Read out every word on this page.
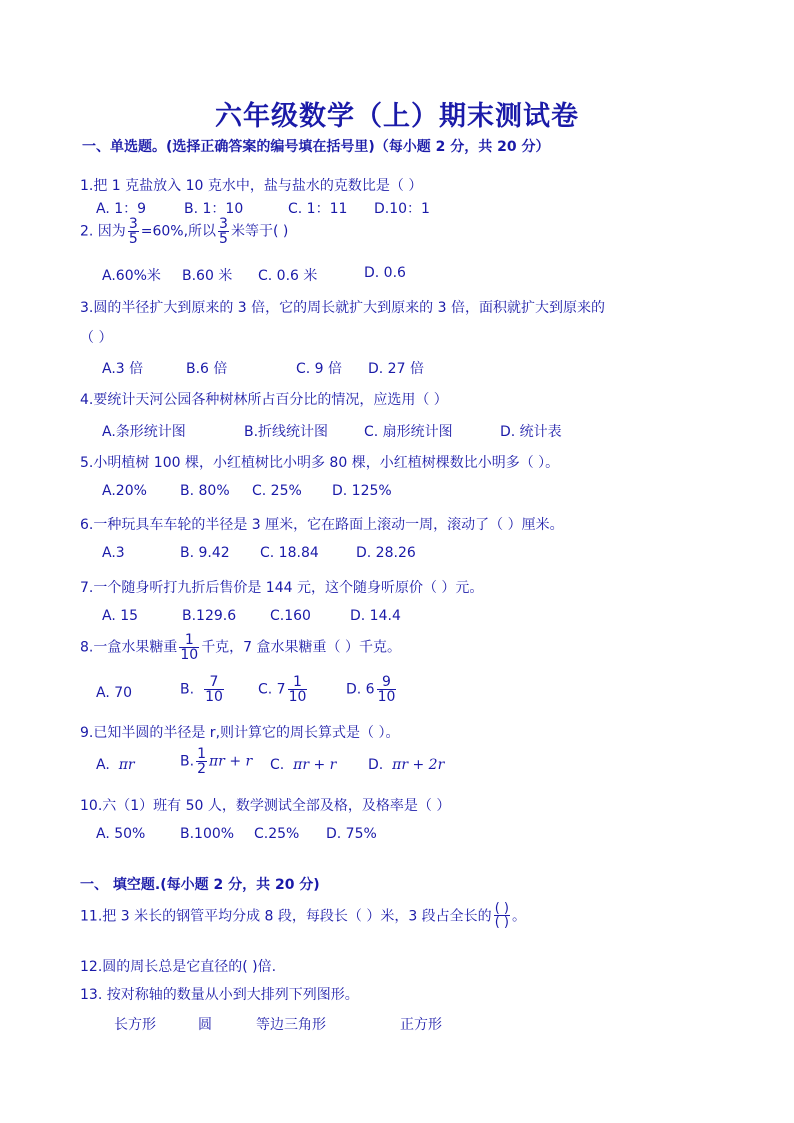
六年级数学（上）期末测试卷
一、单选题。(选择正确答案的编号填在括号里)（每小题 2 分，共 20 分）
1.把 1 克盐放入 10 克水中，盐与盐水的克数比是（ ）
A. 1：9	B. 1：10	C. 1：11 D.10：1
2. 因为 $\frac{3}{5} =60\%$,所以 $\frac{3}{5}$ 米等于( )
A.60%米 B.60 米 C. 0.6 米	D. 0.6
3.圆的半径扩大到原来的 3 倍，它的周长就扩大到原来的 3 倍，面积就扩大到原来的
（ ）
A.3 倍	B.6 倍	C. 9 倍 D. 27 倍
4.要统计天河公园各种树林所占百分比的情况，应选用（ ）
A.条形统计图	B.折线统计图	C. 扇形统计图	D. 统计表
5.小明植树 100 棵，小红植树比小明多 80 棵，小红植树棵数比小明多（ ）。
A.20% B. 80% C. 25% D. 125%
6.一种玩具车车轮的半径是 3 厘米，它在路面上滚动一周，滚动了（ ）厘米。
A.3	B. 9.42 C. 18.84	D. 28.26
7.一个随身听打九折后售价是 144 元，这个随身听原价（ ）元。
A. 15	B.129.6 C.160	D. 14.4
8.一盒水果糖重 $\frac{1}{10}$ 千克，7 盒水果糖重（ ）千克。
A. 70	B. $\frac{7}{10} C$. $7 \frac{1}{10}$	D. $6 \frac{9}{10}$
9.已知半圆的半径是 r,则计算它的周长算式是（ ）。
A. πr	B. $\frac{1}{2}$ πr + r C. πr + r D. πr + 2r
10.六（1）班有 50 人，数学测试全部及格，及格率是（ ）
A. 50% B.100% C.25% D. 75%
一、 填空题.(每小题 2 分，共 20 分)
11.把 3 米长的钢管平均分成 8 段，每段长（ ）米，3 段占全长的 $\frac{( )}{( )}$ 。
12.圆的周长总是它直径的( )倍.
13. 按对称轴的数量从小到大排列下列图形。
长方形	圆	等边三角形	正方形
